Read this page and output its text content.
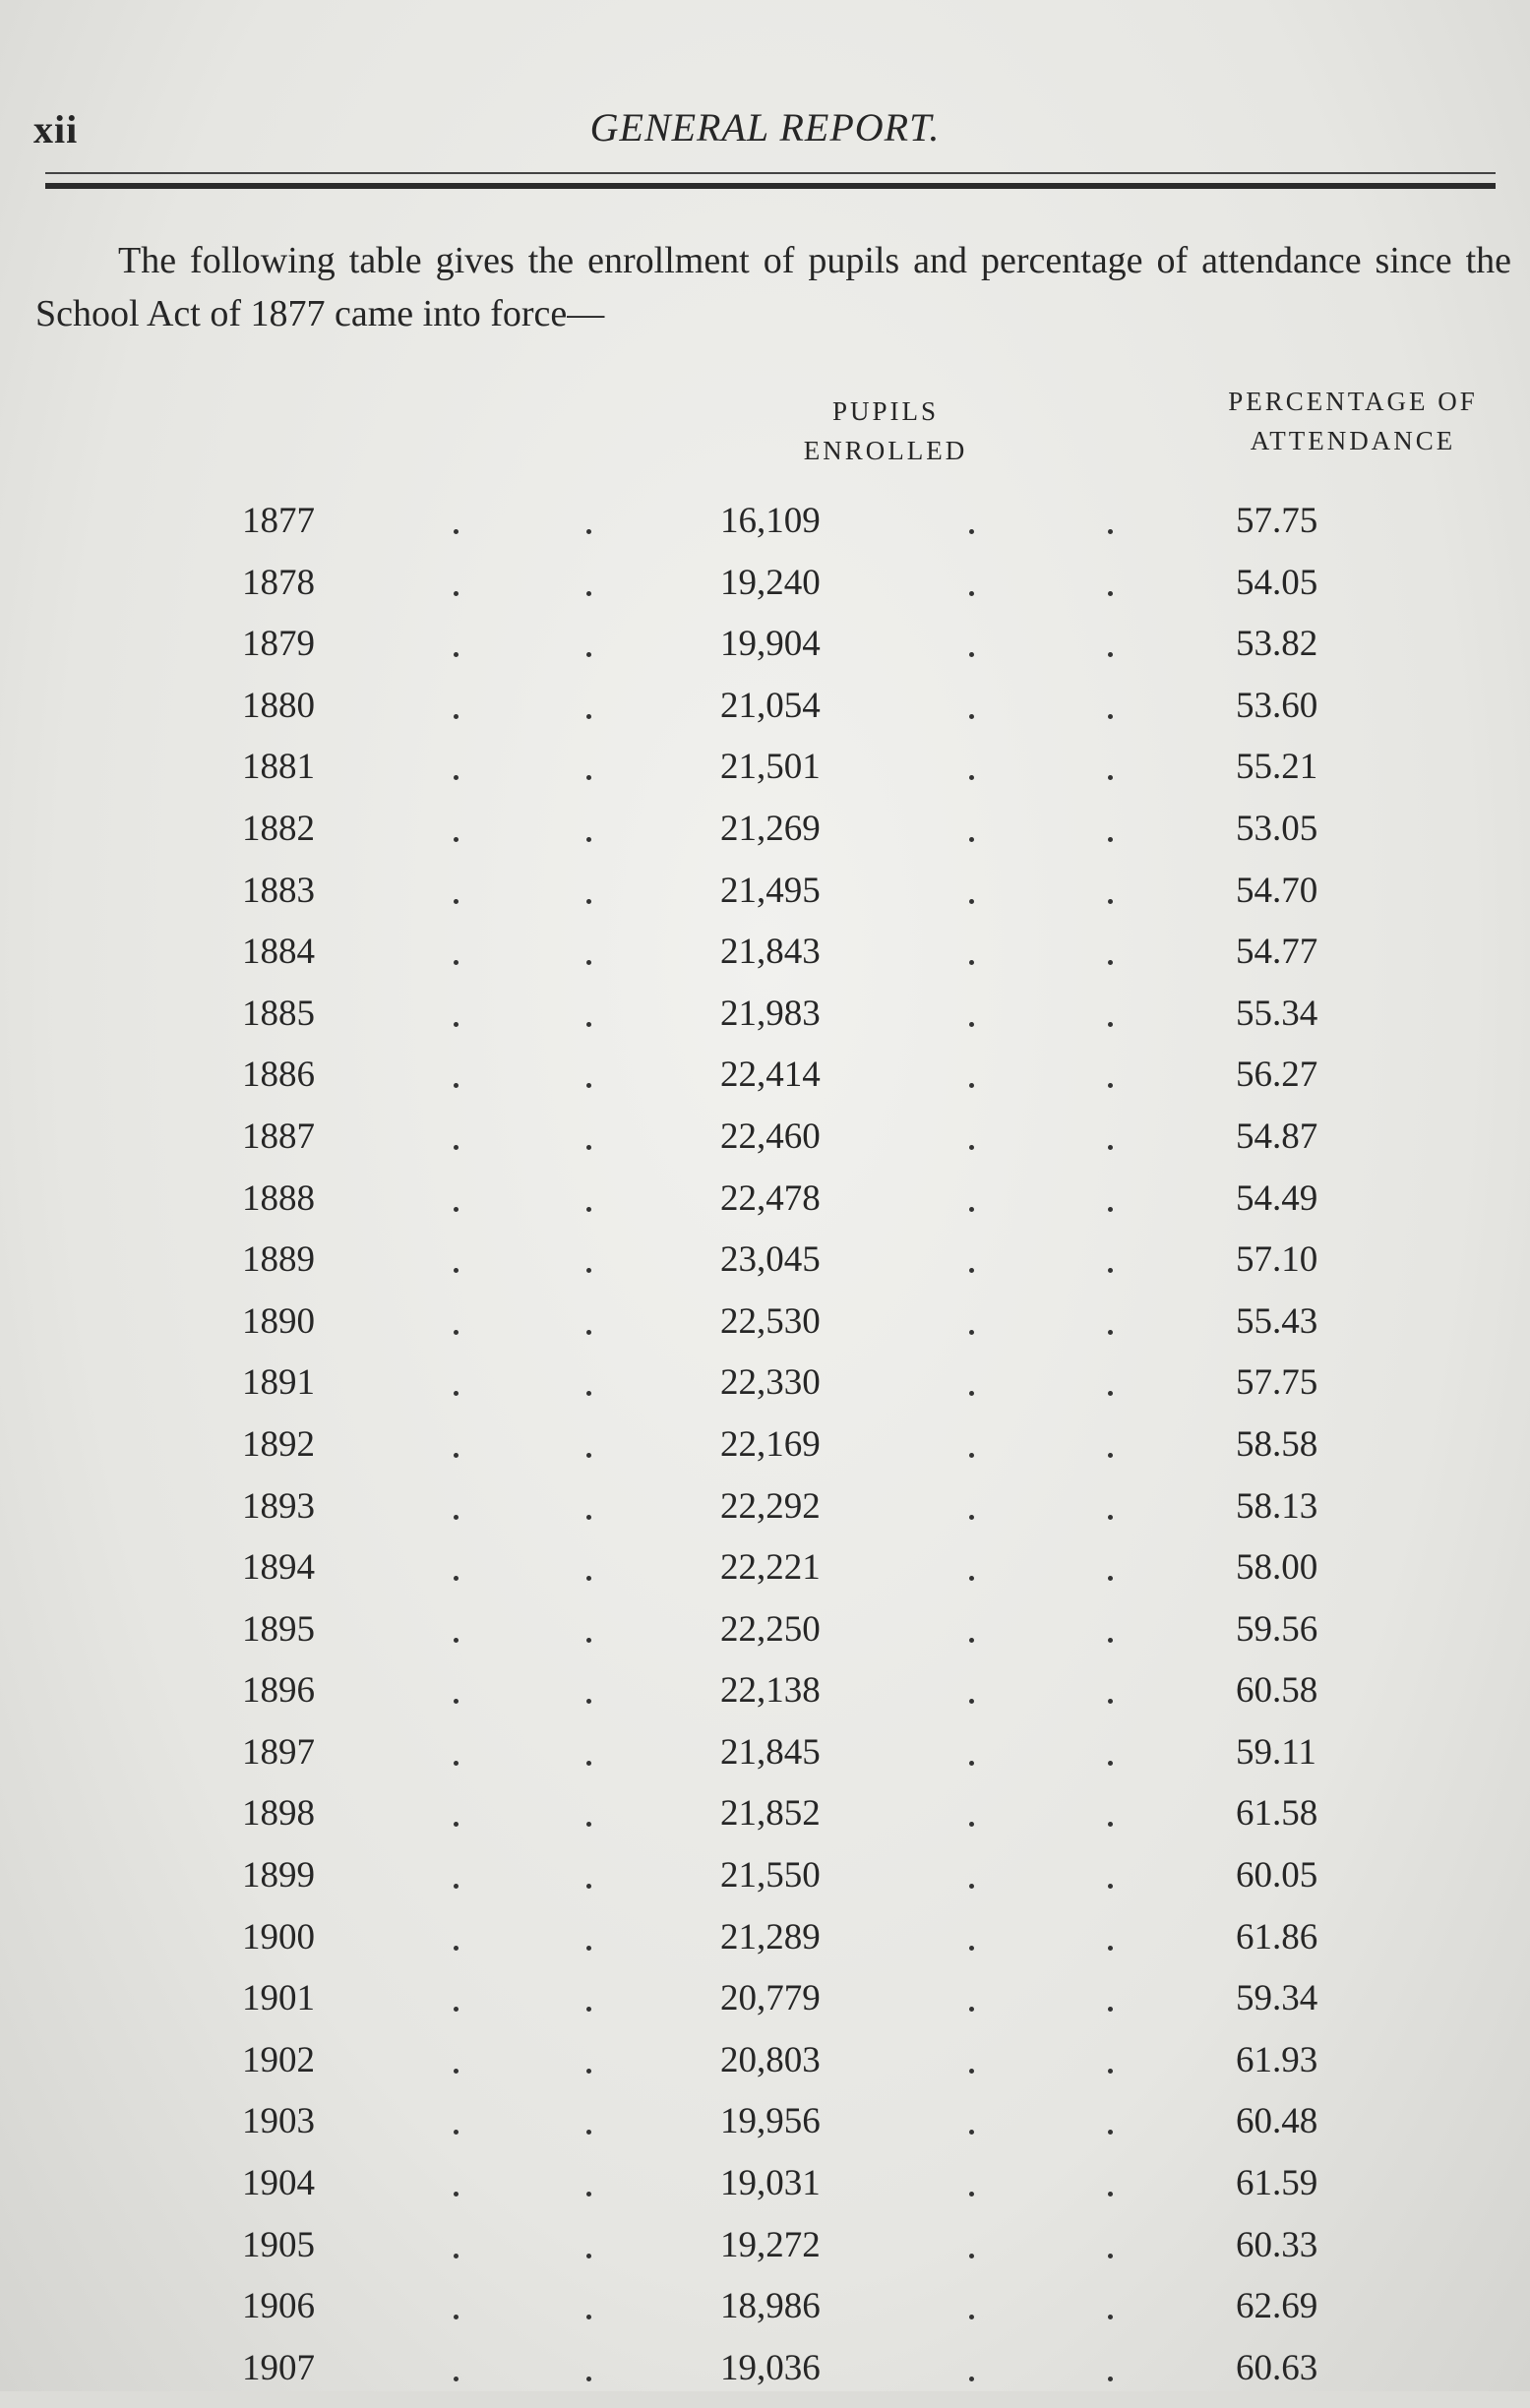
xii	GENERAL REPORT.

The following table gives the enrollment of pupils and percentage of attendance since the School Act of 1877 came into force—

PUPILS
ENROLLED
PERCENTAGE OF
ATTENDANCE
1877	16,109	57.75
1878	19,240	54.05
1879	19,904	53.82
1880	21,054	53.60
1881	21,501	55.21
1882	21,269	53.05
1883	21,495	54.70
1884	21,843	54.77
1885	21,983	55.34
1886	22,414	56.27
1887	22,460	54.87
1888	22,478	54.49
1889	23,045	57.10
1890	22,530	55.43
1891	22,330	57.75
1892	22,169	58.58
1893	22,292	58.13
1894	22,221	58.00
1895	22,250	59.56
1896	22,138	60.58
1897	21,845	59.11
1898	21,852	61.58
1899	21,550	60.05
1900	21,289	61.86
1901	20,779	59.34
1902	20,803	61.93
1903	19,956	60.48
1904	19,031	61.59
1905	19,272	60.33
1906	18,986	62.69
1907	19,036	60.63
